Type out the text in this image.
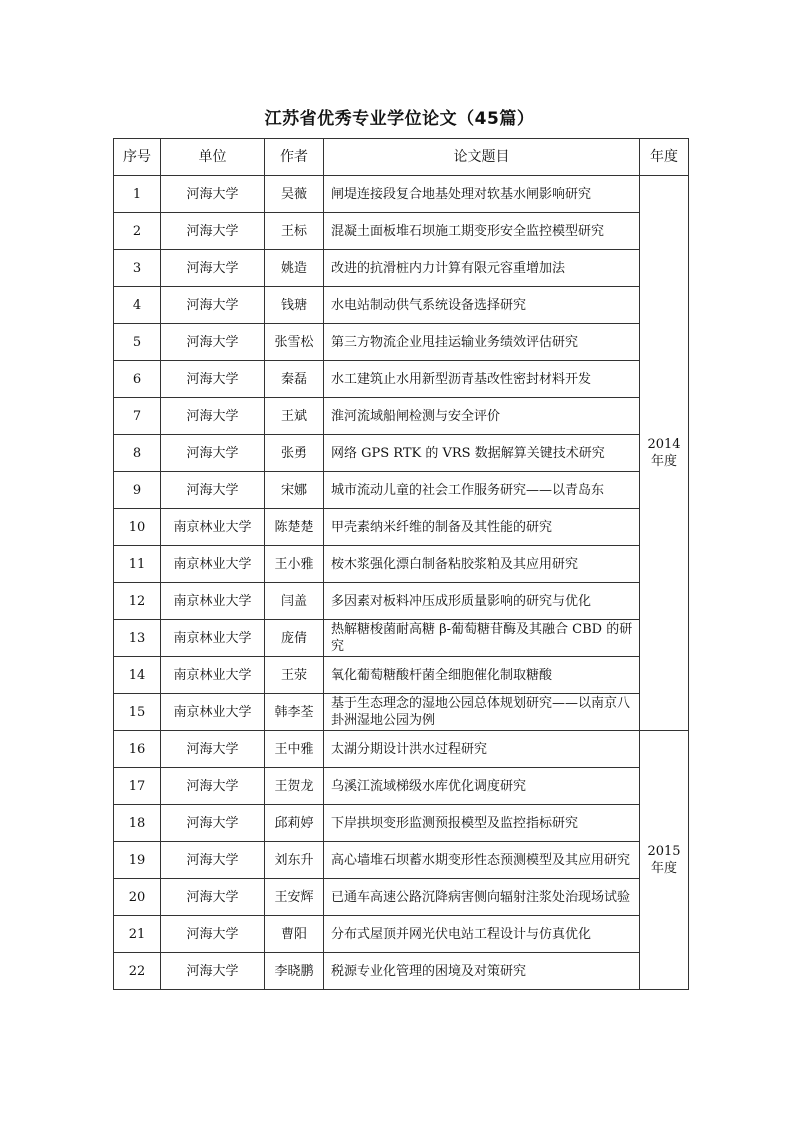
江苏省优秀专业学位论文（45篇）
序号	单位	作者	论文题目	年度
1	河海大学	吴薇	闸堤连接段复合地基处理对软基水闸影响研究	2014
年度

2	河海大学	王标	混凝土面板堆石坝施工期变形安全监控模型研究	
3	河海大学	姚造	改进的抗滑桩内力计算有限元容重增加法	
4	河海大学	钱瑭	水电站制动供气系统设备选择研究	
5	河海大学	张雪松	第三方物流企业甩挂运输业务绩效评估研究	
6	河海大学	秦磊	水工建筑止水用新型沥青基改性密封材料开发	
7	河海大学	王斌	淮河流域船闸检测与安全评价	
8	河海大学	张勇	网络 GPS RTK 的 VRS 数据解算关键技术研究	
9	河海大学	宋娜	城市流动儿童的社会工作服务研究——以青岛东	
10	南京林业大学	陈楚楚	甲壳素纳米纤维的制备及其性能的研究	
11	南京林业大学	王小雅	桉木浆强化漂白制备粘胶浆粕及其应用研究	
12	南京林业大学	闫盖	多因素对板料冲压成形质量影响的研究与优化	
13	南京林业大学	庞倩	热解糖梭菌耐高糖 β-葡萄糖苷酶及其融合 CBD 的研究	
14	南京林业大学	王荥	氧化葡萄糖酸杆菌全细胞催化制取糖酸	
15	南京林业大学	韩李荃	基于生态理念的湿地公园总体规划研究——以南京八卦洲湿地公园为例	
16	河海大学	王中雅	太湖分期设计洪水过程研究	2015
年度

17	河海大学	王贺龙	乌溪江流域梯级水库优化调度研究	
18	河海大学	邱莉婷	下岸拱坝变形监测预报模型及监控指标研究	
19	河海大学	刘东升	高心墙堆石坝蓄水期变形性态预测模型及其应用研究	
20	河海大学	王安辉	已通车高速公路沉降病害侧向辐射注浆处治现场试验	
21	河海大学	曹阳	分布式屋顶并网光伏电站工程设计与仿真优化	
22	河海大学	李晓鹏	税源专业化管理的困境及对策研究	
